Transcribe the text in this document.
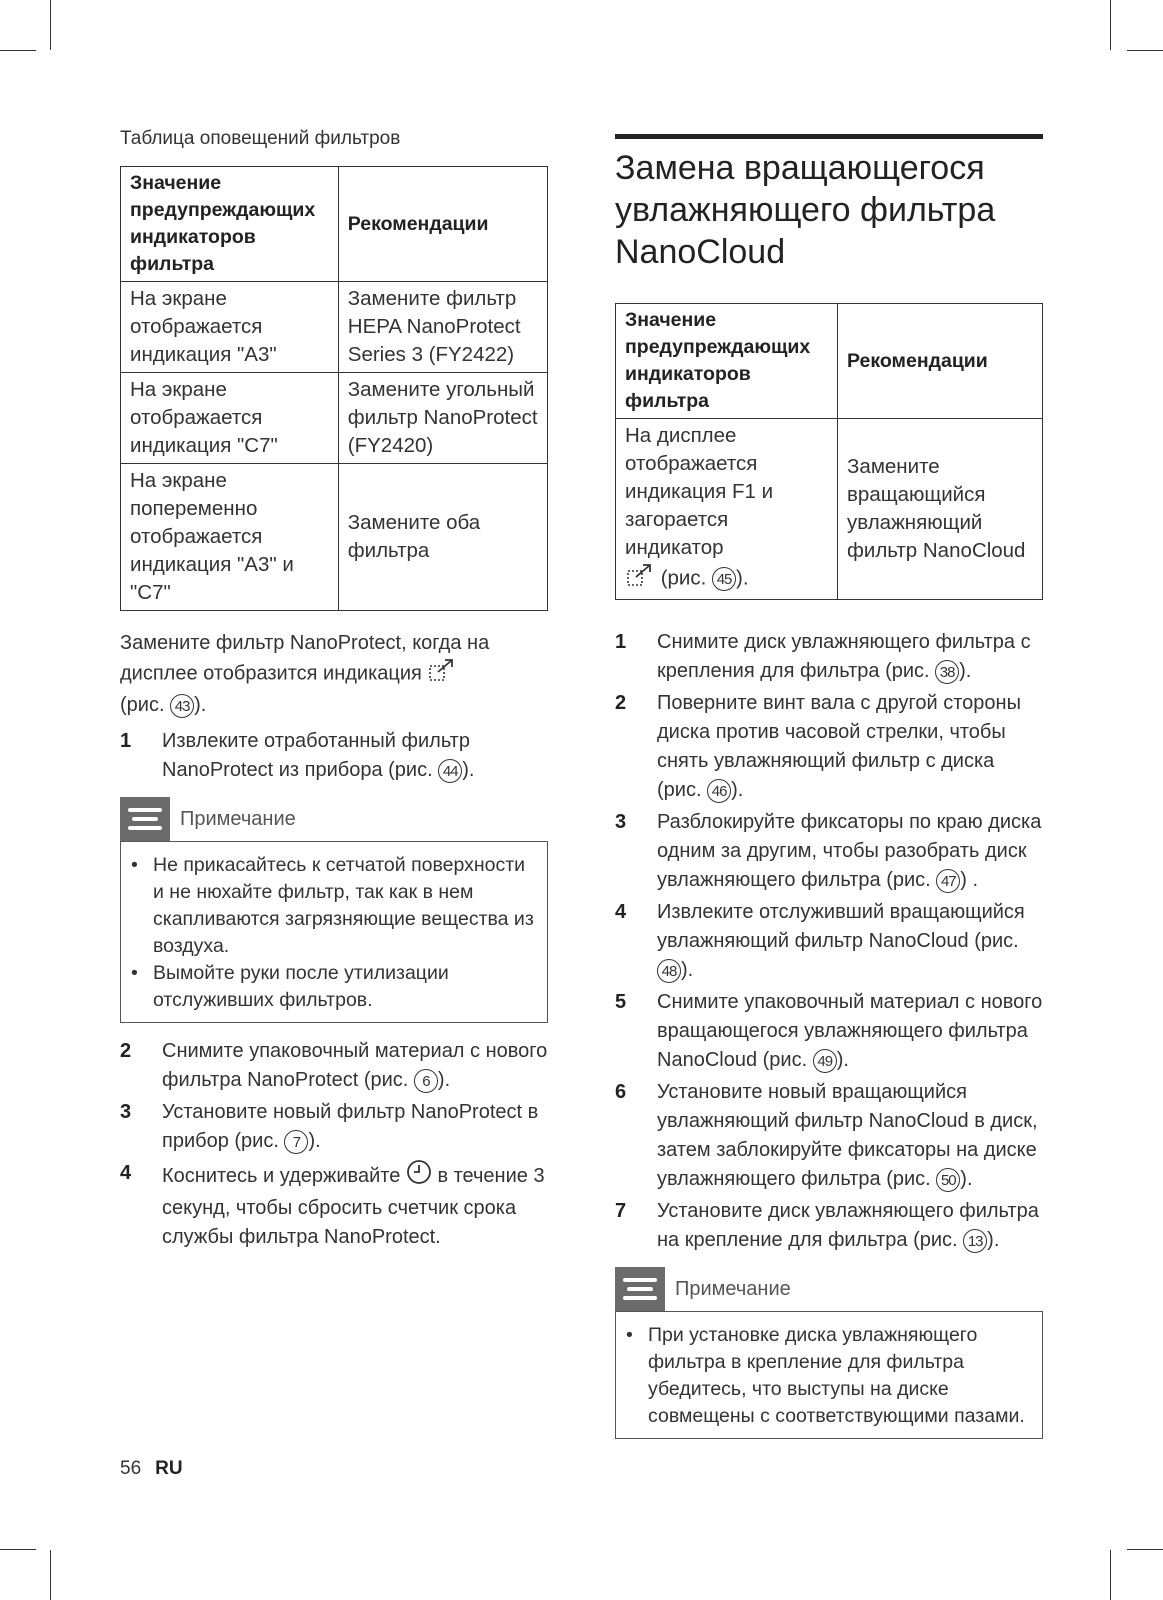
Таблица оповещений фильтров

Значение предупреждающих индикаторов фильтра	Рекомендации
На экране отображается индикация "A3"	Замените фильтр HEPA NanoProtect Series 3 (FY2422)
На экране отображается индикация "C7"	Замените угольный фильтр NanoProtect (FY2420)
На экране попеременно отображается индикация "A3" и "C7"	Замените оба фильтра

Замените фильтр NanoProtect, когда на дисплее отобразится индикация
(рис. 43 ).

1	Извлеките отработанный фильтр NanoProtect из прибора (рис. 44 ).
Примечание
• Не прикасайтесь к сетчатой поверхности и не нюхайте фильтр, так как в нем скапливаются загрязняющие вещества из воздуха.
• Вымойте руки после утилизации отслуживших фильтров.
2	Снимите упаковочный материал с нового фильтра NanoProtect (рис. 6 ).
3	Установите новый фильтр NanoProtect в прибор (рис. 7 ).
4	Коснитесь и удерживайте в течение 3 секунд, чтобы сбросить счетчик срока службы фильтра NanoProtect.
Замена вращающегося увлажняющего фильтра NanoCloud
Значение предупреждающих индикаторов фильтра	Рекомендации
На дисплее отображается индикация F1 и загорается индикатор
(рис. 45 ).	Замените вращающийся увлажняющий фильтр NanoCloud
1	Снимите диск увлажняющего фильтра с крепления для фильтра (рис. 38 ).
2	Поверните винт вала с другой стороны диска против часовой стрелки, чтобы снять увлажняющий фильтр с диска (рис. 46 ).
3	Разблокируйте фиксаторы по краю диска одним за другим, чтобы разобрать диск увлажняющего фильтра (рис. 47 ) .
4	Извлеките отслуживший вращающийся увлажняющий фильтр NanoCloud (рис. 48 ).
5	Снимите упаковочный материал с нового вращающегося увлажняющего фильтра NanoCloud (рис. 49 ).
6	Установите новый вращающийся увлажняющий фильтр NanoCloud в диск, затем заблокируйте фиксаторы на диске увлажняющего фильтра (рис. 50 ).
7	Установите диск увлажняющего фильтра на крепление для фильтра (рис. 13 ).
Примечание
• При установке диска увлажняющего фильтра в крепление для фильтра убедитесь, что выступы на диске совмещены с соответствующими пазами.
56 RU
